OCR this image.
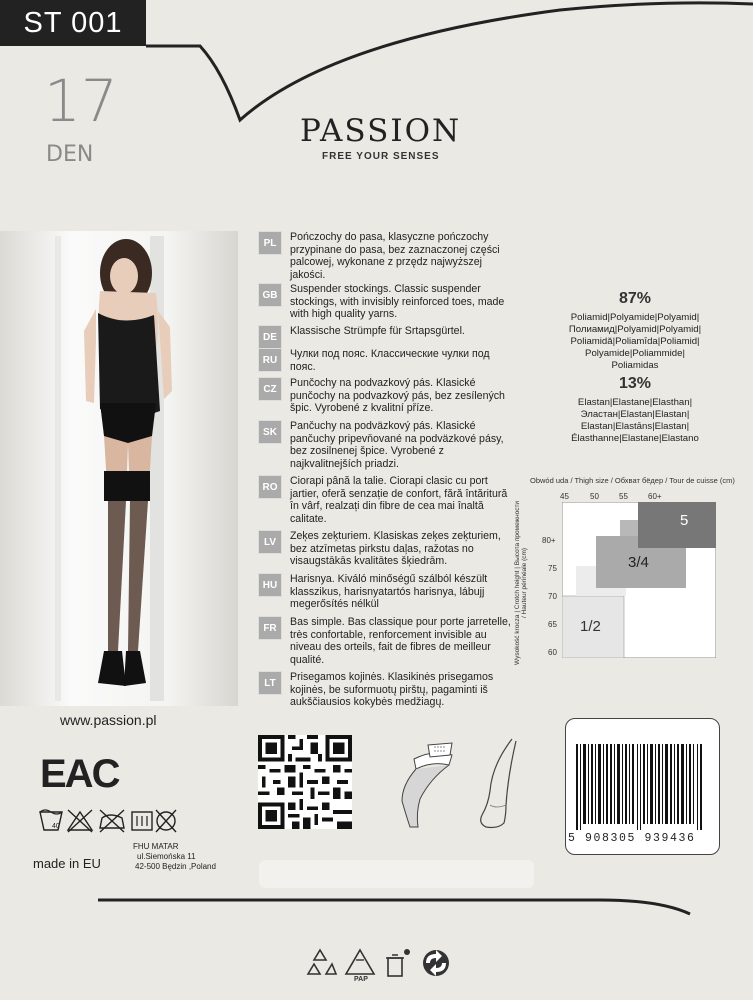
ST 001
17
DEN
PASSION
FREE YOUR SENSES
www.passion.pl
PL	Pończochy do pasa, klasyczne pończochy przypinane do pasa, bez zaznaczonej części palcowej, wykonane z przędz najwyższej jakości.
GB	Suspender stockings. Classic suspender stockings, with invisibly reinforced toes, made with high quality yarns.
DE	Klassische Strümpfe für Srtapsgürtel.
RU	Чулки под пояс. Классические чулки под пояс.
CZ	Punčochy na podvazkový pás. Klasické punčochy na podvazkový pás, bez zesílených špic. Vyrobené z kvalitní příze.
SK	Pančuchy na podväzkový pás. Klasické pančuchy pripevňované na podväzkové pásy, bez zosilnenej špice. Vyrobené z najkvalitnejších priadzi.
RO	Ciorapi până la talie. Ciorapi clasic cu port jartier, oferă senzație de confort, fără întăritură în vârf, realzați din fibre de cea mai înaltă calitate.
LV	Zeķes zeķturiem. Klasiskas zeķes zeķturiem, bez atzīmetas pirkstu daļas, ražotas no visaugstākās kvalitātes šķiedrām.
HU	Harisnya. Kiváló minőségű szálból készült klasszikus, harisnyatartós harisnya, lábujj megerősítés nélkül
FR	Bas simple. Bas classique pour porte jarretelle, très confortable, renforcement invisible au niveau des orteils, fait de fibres de meilleur qualité.
LT	Prisegamos kojinės. Klasikinės prisegamos kojinės, be suformuotų pirštų, pagaminti iš aukščiausios kokybės medžiagų.
87%
Poliamid|Polyamide|Polyamid|
Полиамид|Polyamid|Polyamid|
Poliamidă|Poliamīda|Poliamid|
Polyamide|Poliammide|
Poliamidas
13%
Elastan|Elastane|Elasthan|
Эластан|Elastan|Elastan|
Elastan|Elastāns|Elastan|
Élasthanne|Elastane|Elastano
Obwód uda / Thigh size / Обхват бёдер / Tour de cuisse (cm)
45	50	55	60+
80+
75
70
65
60
Wysokość krocza | Crotch height | Высота промежности / Hauteur périnéale (cm)
1/2
3/4
5
EAC
40
made in EU
FHU MATAR
ul.Siemońska 11
42-500 Będzin ,Poland
5 908305 939436
PAP
